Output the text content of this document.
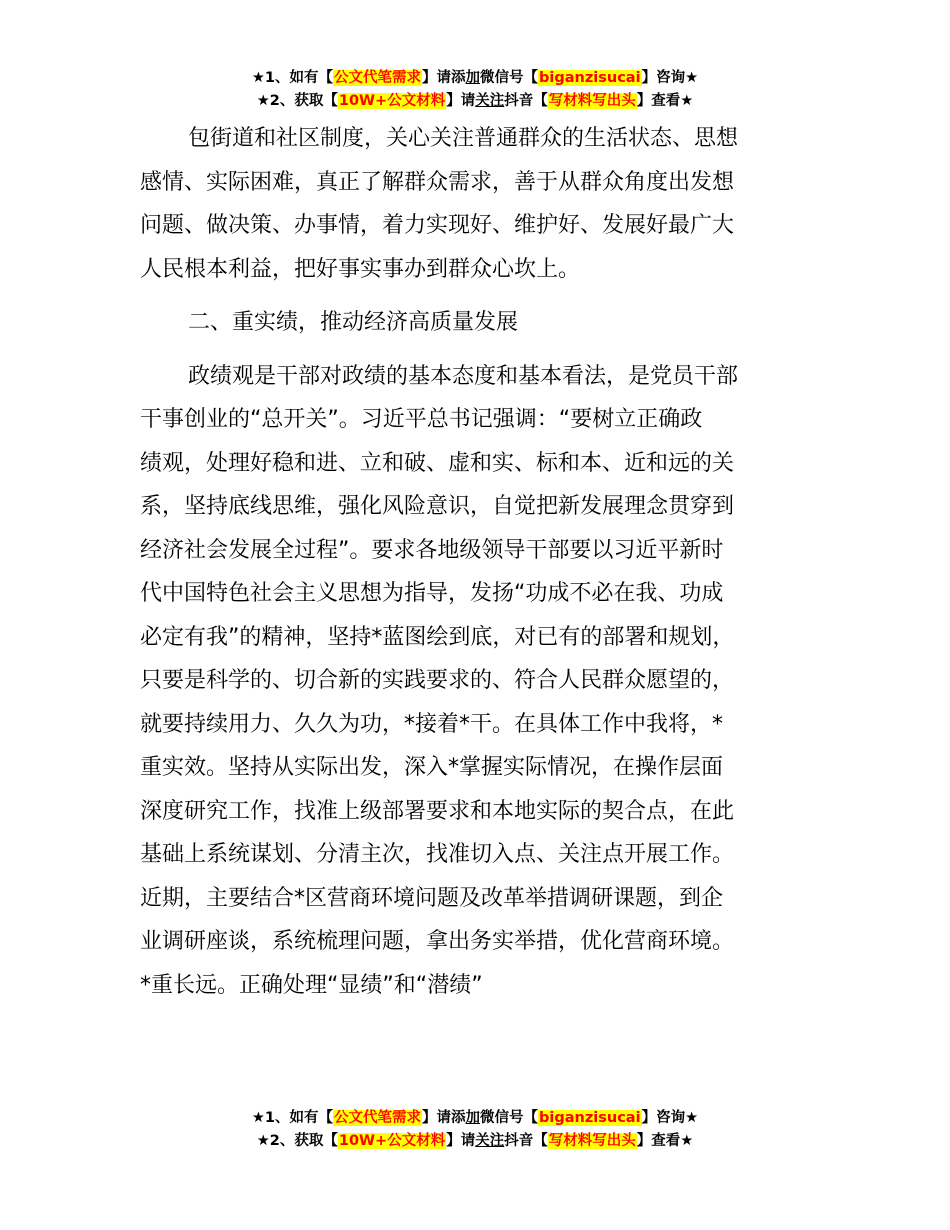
★1、如有【公文代笔需求】请添加微信号【biganzisucai】咨询★
★2、获取【10W+公文材料】请关注抖音【写材料写出头】查看★
包街道和社区制度，关心关注普通群众的生活状态、思想
感情、实际困难，真正了解群众需求，善于从群众角度出发想
问题、做决策、办事情，着力实现好、维护好、发展好最广大
人民根本利益，把好事实事办到群众心坎上。
二、重实绩，推动经济高质量发展
政绩观是干部对政绩的基本态度和基本看法，是党员干部
干事创业的“总开关”。习近平总书记强调：“要树立正确政
绩观，处理好稳和进、立和破、虚和实、标和本、近和远的关
系，坚持底线思维，强化风险意识，自觉把新发展理念贯穿到
经济社会发展全过程”。要求各地级领导干部要以习近平新时
代中国特色社会主义思想为指导，发扬“功成不必在我、功成
必定有我”的精神，坚持*蓝图绘到底，对已有的部署和规划，
只要是科学的、切合新的实践要求的、符合人民群众愿望的，
就要持续用力、久久为功，*接着*干。在具体工作中我将，*
重实效。坚持从实际出发，深入*掌握实际情况，在操作层面
深度研究工作，找准上级部署要求和本地实际的契合点，在此
基础上系统谋划、分清主次，找准切入点、关注点开展工作。
近期，主要结合*区营商环境问题及改革举措调研课题，到企
业调研座谈，系统梳理问题，拿出务实举措，优化营商环境。
*重长远。正确处理“显绩”和“潜绩”
★1、如有【公文代笔需求】请添加微信号【biganzisucai】咨询★
★2、获取【10W+公文材料】请关注抖音【写材料写出头】查看★
